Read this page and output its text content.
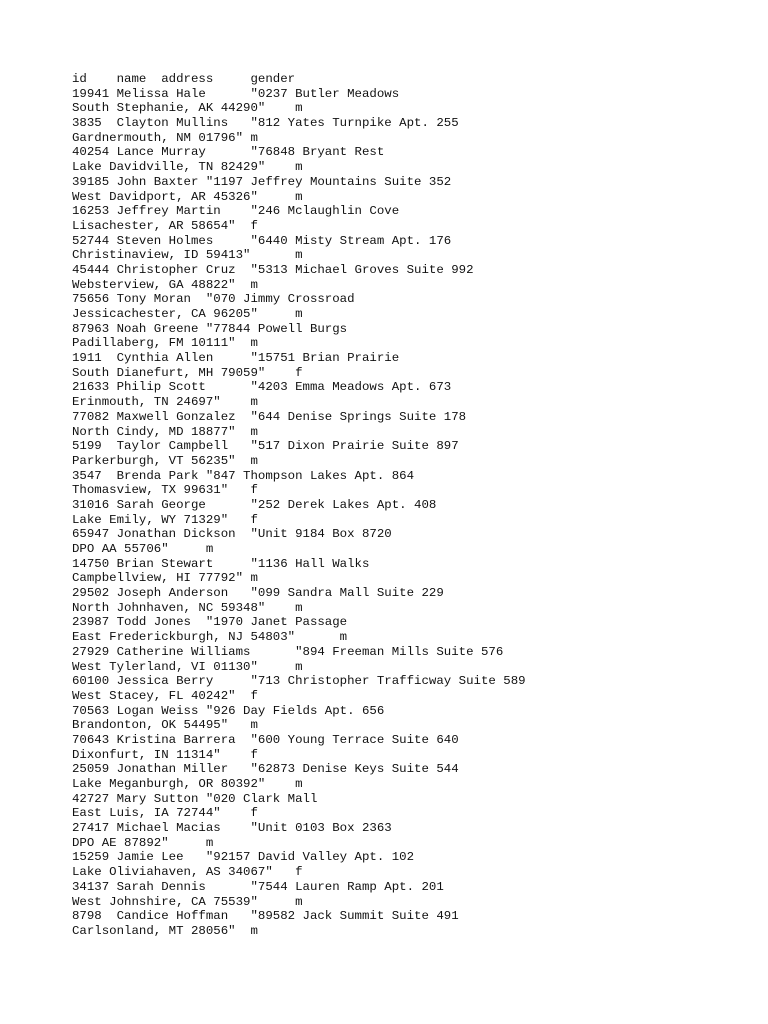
id    name  address     gender
19941 Melissa Hale      "0237 Butler Meadows
South Stephanie, AK 44290"    m
3835  Clayton Mullins   "812 Yates Turnpike Apt. 255
Gardnermouth, NM 01796" m
40254 Lance Murray      "76848 Bryant Rest
Lake Davidville, TN 82429"    m
39185 John Baxter "1197 Jeffrey Mountains Suite 352
West Davidport, AR 45326"     m
16253 Jeffrey Martin    "246 Mclaughlin Cove
Lisachester, AR 58654"  f
52744 Steven Holmes     "6440 Misty Stream Apt. 176
Christinaview, ID 59413"      m
45444 Christopher Cruz  "5313 Michael Groves Suite 992
Websterview, GA 48822"  m
75656 Tony Moran  "070 Jimmy Crossroad
Jessicachester, CA 96205"     m
87963 Noah Greene "77844 Powell Burgs
Padillaberg, FM 10111"  m
1911  Cynthia Allen     "15751 Brian Prairie
South Dianefurt, MH 79059"    f
21633 Philip Scott      "4203 Emma Meadows Apt. 673
Erinmouth, TN 24697"    m
77082 Maxwell Gonzalez  "644 Denise Springs Suite 178
North Cindy, MD 18877"  m
5199  Taylor Campbell   "517 Dixon Prairie Suite 897
Parkerburgh, VT 56235"  m
3547  Brenda Park "847 Thompson Lakes Apt. 864
Thomasview, TX 99631"   f
31016 Sarah George      "252 Derek Lakes Apt. 408
Lake Emily, WY 71329"   f
65947 Jonathan Dickson  "Unit 9184 Box 8720
DPO AA 55706"     m
14750 Brian Stewart     "1136 Hall Walks
Campbellview, HI 77792" m
29502 Joseph Anderson   "099 Sandra Mall Suite 229
North Johnhaven, NC 59348"    m
23987 Todd Jones  "1970 Janet Passage
East Frederickburgh, NJ 54803"      m
27929 Catherine Williams      "894 Freeman Mills Suite 576
West Tylerland, VI 01130"     m
60100 Jessica Berry     "713 Christopher Trafficway Suite 589
West Stacey, FL 40242"  f
70563 Logan Weiss "926 Day Fields Apt. 656
Brandonton, OK 54495"   m
70643 Kristina Barrera  "600 Young Terrace Suite 640
Dixonfurt, IN 11314"    f
25059 Jonathan Miller   "62873 Denise Keys Suite 544
Lake Meganburgh, OR 80392"    m
42727 Mary Sutton "020 Clark Mall
East Luis, IA 72744"    f
27417 Michael Macias    "Unit 0103 Box 2363
DPO AE 87892"     m
15259 Jamie Lee   "92157 David Valley Apt. 102
Lake Oliviahaven, AS 34067"   f
34137 Sarah Dennis      "7544 Lauren Ramp Apt. 201
West Johnshire, CA 75539"     m
8798  Candice Hoffman   "89582 Jack Summit Suite 491
Carlsonland, MT 28056"  m
